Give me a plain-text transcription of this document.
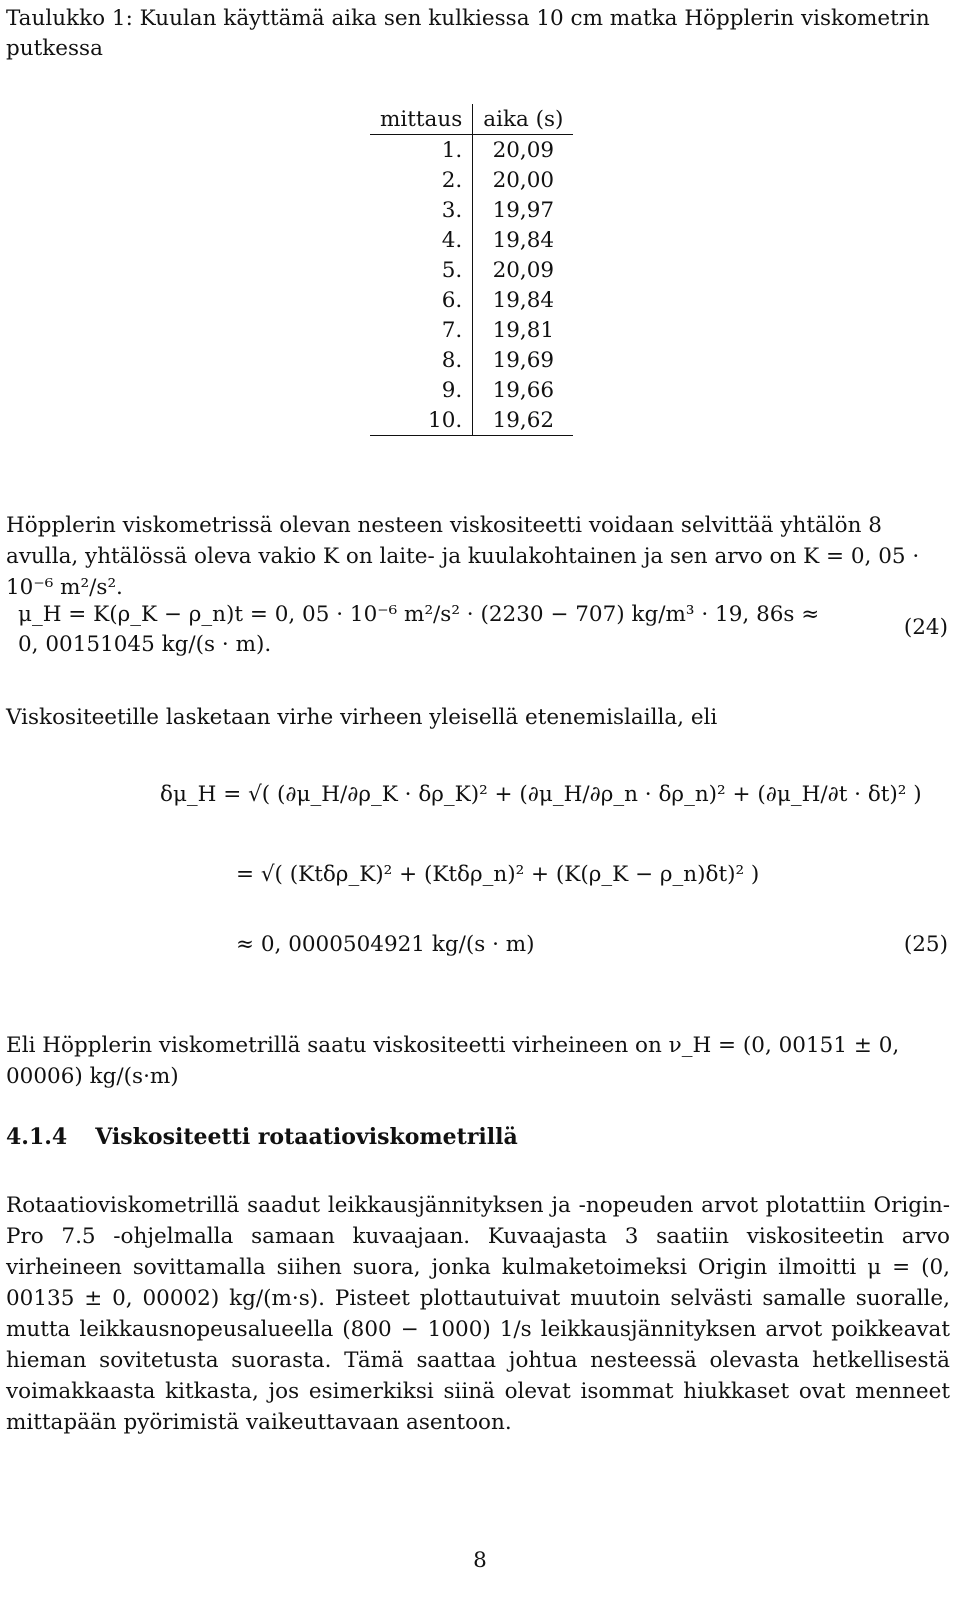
Taulukko 1: Kuulan käyttämä aika sen kulkiessa 10 cm matka Höpplerin viskometrin putkessa
mittaus	aika (s)
1.	20,09
2.	20,00
3.	19,97
4.	19,84
5.	20,09
6.	19,84
7.	19,81
8.	19,69
9.	19,66
10.	19,62
Höpplerin viskometrissä olevan nesteen viskositeetti voidaan selvittää yhtälön 8 avulla, yhtälössä oleva vakio K on laite- ja kuulakohtainen ja sen arvo on K = 0, 05 · 10⁻⁶ m²/s².
μ_H = K(ρ_K − ρ_n)t = 0, 05 · 10⁻⁶ m²/s² · (2230 − 707) kg/m³ · 19, 86s ≈ 0, 00151045 kg/(s · m).
(24)
Viskositeetille lasketaan virhe virheen yleisellä etenemislailla, eli
δμ_H = √( (∂μ_H/∂ρ_K · δρ_K)² + (∂μ_H/∂ρ_n · δρ_n)² + (∂μ_H/∂t · δt)² )
= √( (Ktδρ_K)² + (Ktδρ_n)² + (K(ρ_K − ρ_n)δt)² )
≈ 0, 0000504921 kg/(s · m)	(25)
Eli Höpplerin viskometrillä saatu viskositeetti virheineen on ν_H = (0, 00151 ± 0, 00006) kg/(s·m)
4.1.4 Viskositeetti rotaatioviskometrillä
Rotaatioviskometrillä saadut leikkausjännityksen ja -nopeuden arvot plotattiin Origin-Pro 7.5 -ohjelmalla samaan kuvaajaan. Kuvaajasta 3 saatiin viskositeetin arvo virheineen sovittamalla siihen suora, jonka kulmaketoimeksi Origin ilmoitti μ = (0, 00135 ± 0, 00002) kg/(m·s). Pisteet plottautuivat muutoin selvästi samalle suoralle, mutta leikkausnopeusalueella (800 − 1000) 1/s leikkausjännityksen arvot poikkeavat hieman sovitetusta suorasta. Tämä saattaa johtua nesteessä olevasta hetkellisestä voimakkaasta kitkasta, jos esimerkiksi siinä olevat isommat hiukkaset ovat menneet mittapään pyörimistä vaikeuttavaan asentoon.
8
